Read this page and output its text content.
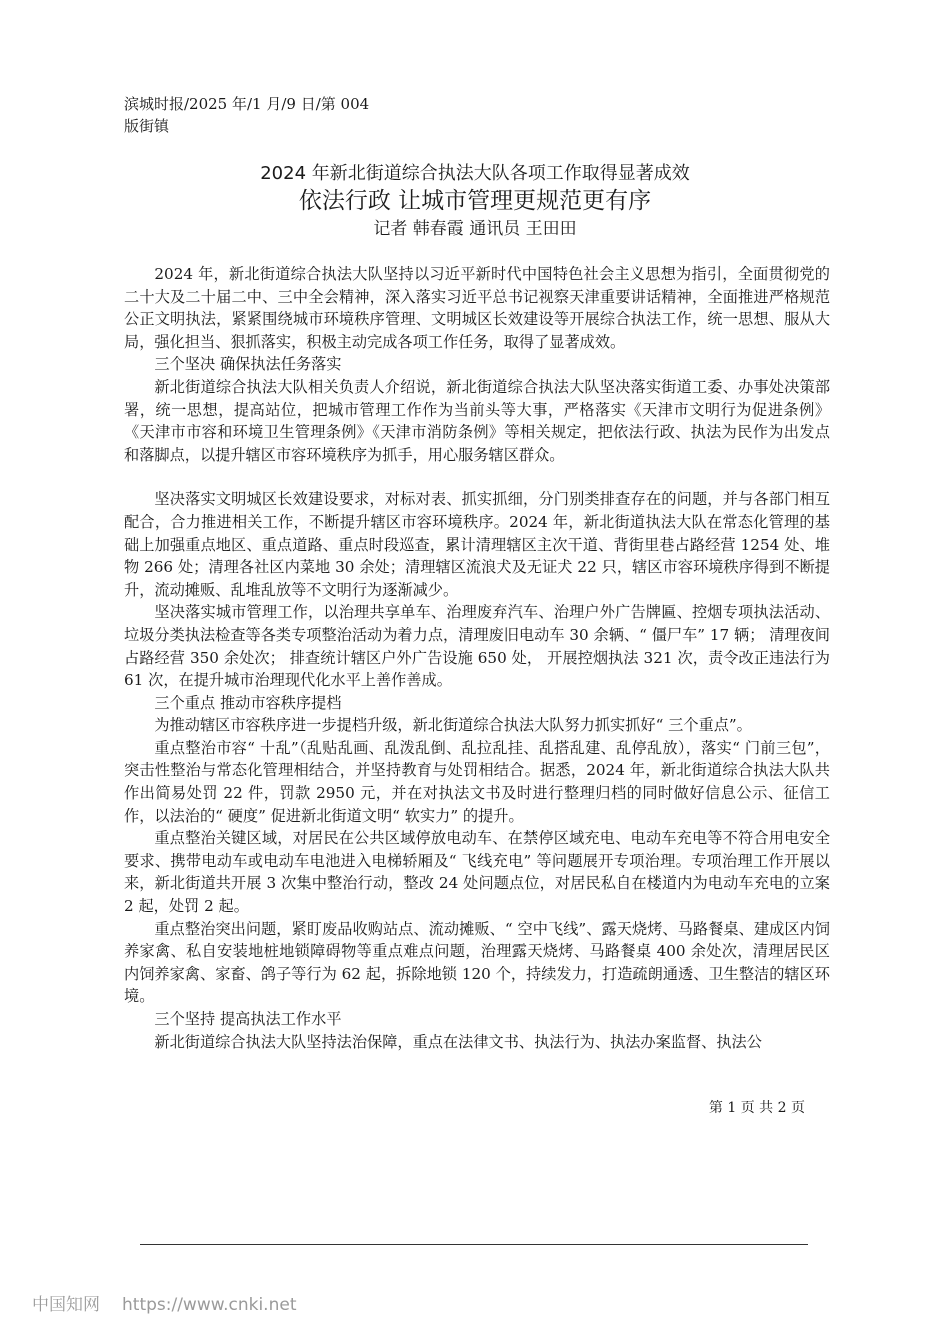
滨城时报/2025 年/1 月/9 日/第 004
版街镇
2024 年新北街道综合执法大队各项工作取得显著成效
依法行政 让城市管理更规范更有序
记者 韩春霞 通讯员 王田田

2024 年，新北街道综合执法大队坚持以习近平新时代中国特色社会主义思想为指引，全面贯彻党的二十大及二十届二中、三中全会精神，深入落实习近平总书记视察天津重要讲话精神，全面推进严格规范公正文明执法，紧紧围绕城市环境秩序管理、文明城区长效建设等开展综合执法工作，统一思想、服从大局，强化担当、狠抓落实，积极主动完成各项工作任务，取得了显著成效。

三个坚决 确保执法任务落实

新北街道综合执法大队相关负责人介绍说，新北街道综合执法大队坚决落实街道工委、办事处决策部署，统一思想，提高站位，把城市管理工作作为当前头等大事，严格落实《天津市文明行为促进条例》《天津市市容和环境卫生管理条例》《天津市消防条例》等相关规定，把依法行政、执法为民作为出发点和落脚点，以提升辖区市容环境秩序为抓手，用心服务辖区群众。

坚决落实文明城区长效建设要求，对标对表、抓实抓细，分门别类排查存在的问题，并与各部门相互配合，合力推进相关工作，不断提升辖区市容环境秩序。2024 年，新北街道执法大队在常态化管理的基础上加强重点地区、重点道路、重点时段巡查，累计清理辖区主次干道、背街里巷占路经营 1254 处、堆物 266 处；清理各社区内菜地 30 余处；清理辖区流浪犬及无证犬 22 只，辖区市容环境秩序得到不断提升，流动摊贩、乱堆乱放等不文明行为逐渐减少。

坚决落实城市管理工作，以治理共享单车、治理废弃汽车、治理户外广告牌匾、控烟专项执法活动、垃圾分类执法检查等各类专项整治活动为着力点，清理废旧电动车 30 余辆、“ 僵尸车” 17 辆； 清理夜间占路经营 350 余处次； 排查统计辖区户外广告设施 650 处， 开展控烟执法 321 次，责令改正违法行为 61 次，在提升城市治理现代化水平上善作善成。

三个重点 推动市容秩序提档

为推动辖区市容秩序进一步提档升级，新北街道综合执法大队努力抓实抓好“ 三个重点”。

重点整治市容“ 十乱”（乱贴乱画、乱泼乱倒、乱拉乱挂、乱搭乱建、乱停乱放），落实“ 门前三包”，突击性整治与常态化管理相结合，并坚持教育与处罚相结合。据悉，2024 年，新北街道综合执法大队共作出简易处罚 22 件，罚款 2950 元，并在对执法文书及时进行整理归档的同时做好信息公示、征信工作，以法治的“ 硬度” 促进新北街道文明“ 软实力” 的提升。

重点整治关键区域，对居民在公共区域停放电动车、在禁停区域充电、电动车充电等不符合用电安全要求、携带电动车或电动车电池进入电梯轿厢及“ 飞线充电” 等问题展开专项治理。专项治理工作开展以来，新北街道共开展 3 次集中整治行动，整改 24 处问题点位，对居民私自在楼道内为电动车充电的立案 2 起，处罚 2 起。

重点整治突出问题，紧盯废品收购站点、流动摊贩、“ 空中飞线”、露天烧烤、马路餐桌、建成区内饲养家禽、私自安装地桩地锁障碍物等重点难点问题，治理露天烧烤、马路餐桌 400 余处次，清理居民区内饲养家禽、家畜、鸽子等行为 62 起，拆除地锁 120 个，持续发力，打造疏朗通透、卫生整洁的辖区环境。

三个坚持 提高执法工作水平

新北街道综合执法大队坚持法治保障，重点在法律文书、执法行为、执法办案监督、执法公

第 1 页 共 2 页
中国知网 https://www.cnki.net
